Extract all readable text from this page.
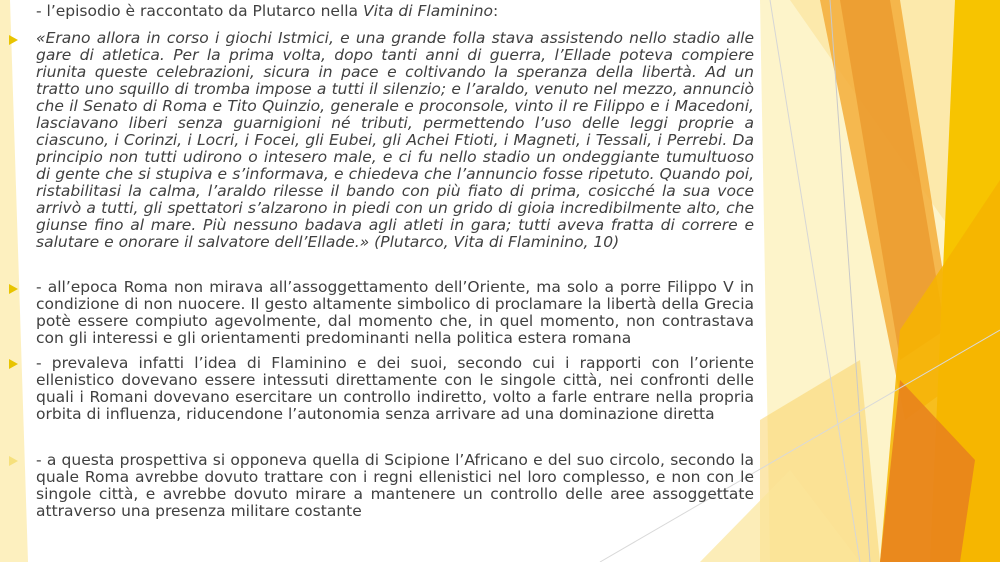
- l’episodio è raccontato da Plutarco nella Vita di Flaminino:
«Erano allora in corso i giochi Istmici, e una grande folla stava assistendo nello stadio alle gare di atletica. Per la prima volta, dopo tanti anni di guerra, l’Ellade poteva compiere riunita queste celebrazioni, sicura in pace e coltivando la speranza della libertà. Ad un tratto uno squillo di tromba impose a tutti il silenzio; e l’araldo, venuto nel mezzo, annunciò che il Senato di Roma e Tito Quinzio, generale e proconsole, vinto il re Filippo e i Macedoni, lasciavano liberi senza guarnigioni né tributi, permettendo l’uso delle leggi proprie a ciascuno, i Corinzi, i Locri, i Focei, gli Eubei, gli Achei Ftioti, i Magneti, i Tessali, i Perrebi. Da principio non tutti udirono o intesero male, e ci fu nello stadio un ondeggiante tumultuoso di gente che si stupiva e s’informava, e chiedeva che l’annuncio fosse ripetuto. Quando poi, ristabilitasi la calma, l’araldo rilesse il bando con più fiato di prima, cosicché la sua voce arrivò a tutti, gli spettatori s’alzarono in piedi con un grido di gioia incredibilmente alto, che giunse fino al mare. Più nessuno badava agli atleti in gara; tutti aveva fratta di correre e salutare e onorare il salvatore dell’Ellade.» (Plutarco, Vita di Flaminino, 10)
- all’epoca Roma non mirava all’assoggettamento dell’Oriente, ma solo a porre Filippo V in condizione di non nuocere. Il gesto altamente simbolico di proclamare la libertà della Grecia potè essere compiuto agevolmente, dal momento che, in quel momento, non contrastava con gli interessi e gli orientamenti predominanti nella politica estera romana
- prevaleva infatti l’idea di Flaminino e dei suoi, secondo cui i rapporti con l’oriente ellenistico dovevano essere intessuti direttamente con le singole città, nei confronti delle quali i Romani dovevano esercitare un controllo indiretto, volto a farle entrare nella propria orbita di influenza, riducendone l’autonomia senza arrivare ad una dominazione diretta
- a questa prospettiva si opponeva quella di Scipione l’Africano e del suo circolo, secondo la quale Roma avrebbe dovuto trattare con i regni ellenistici nel loro complesso, e non con le singole città, e avrebbe dovuto mirare a mantenere un controllo delle aree assoggettate attraverso una presenza militare costante
